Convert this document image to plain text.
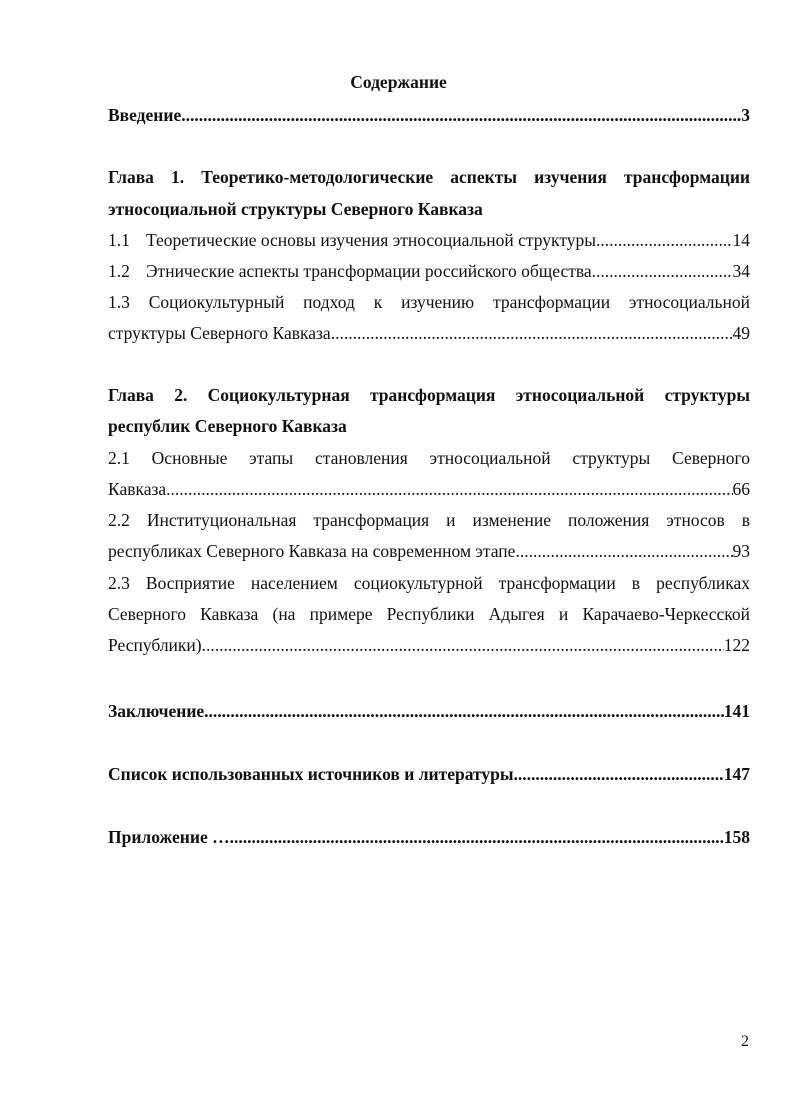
Содержание
Введение .....	3
Глава 1. Теоретико-методологические аспекты изучения трансформации
этносоциальной структуры Северного Кавказа
1.1 Теоретические основы изучения этносоциальной структуры .....	14
1.2 Этнические аспекты трансформации российского общества .....	34
1.3 Социокультурный подход к изучению трансформации этносоциальной
структуры Северного Кавказа .....	49
Глава 2. Социокультурная трансформация этносоциальной структуры
республик Северного Кавказа
2.1 Основные этапы становления этносоциальной структуры Северного
Кавказа .....	66
2.2 Институциональная трансформация и изменение положения этносов в
республиках Северного Кавказа на современном этапе .....	93
2.3 Восприятие населением социокультурной трансформации в республиках
Северного Кавказа (на примере Республики Адыгея и Карачаево-Черкесской
Республики) .....	122
Заключение .....	141
Список использованных источников и литературы .....	147
Приложение … .....	158
2
